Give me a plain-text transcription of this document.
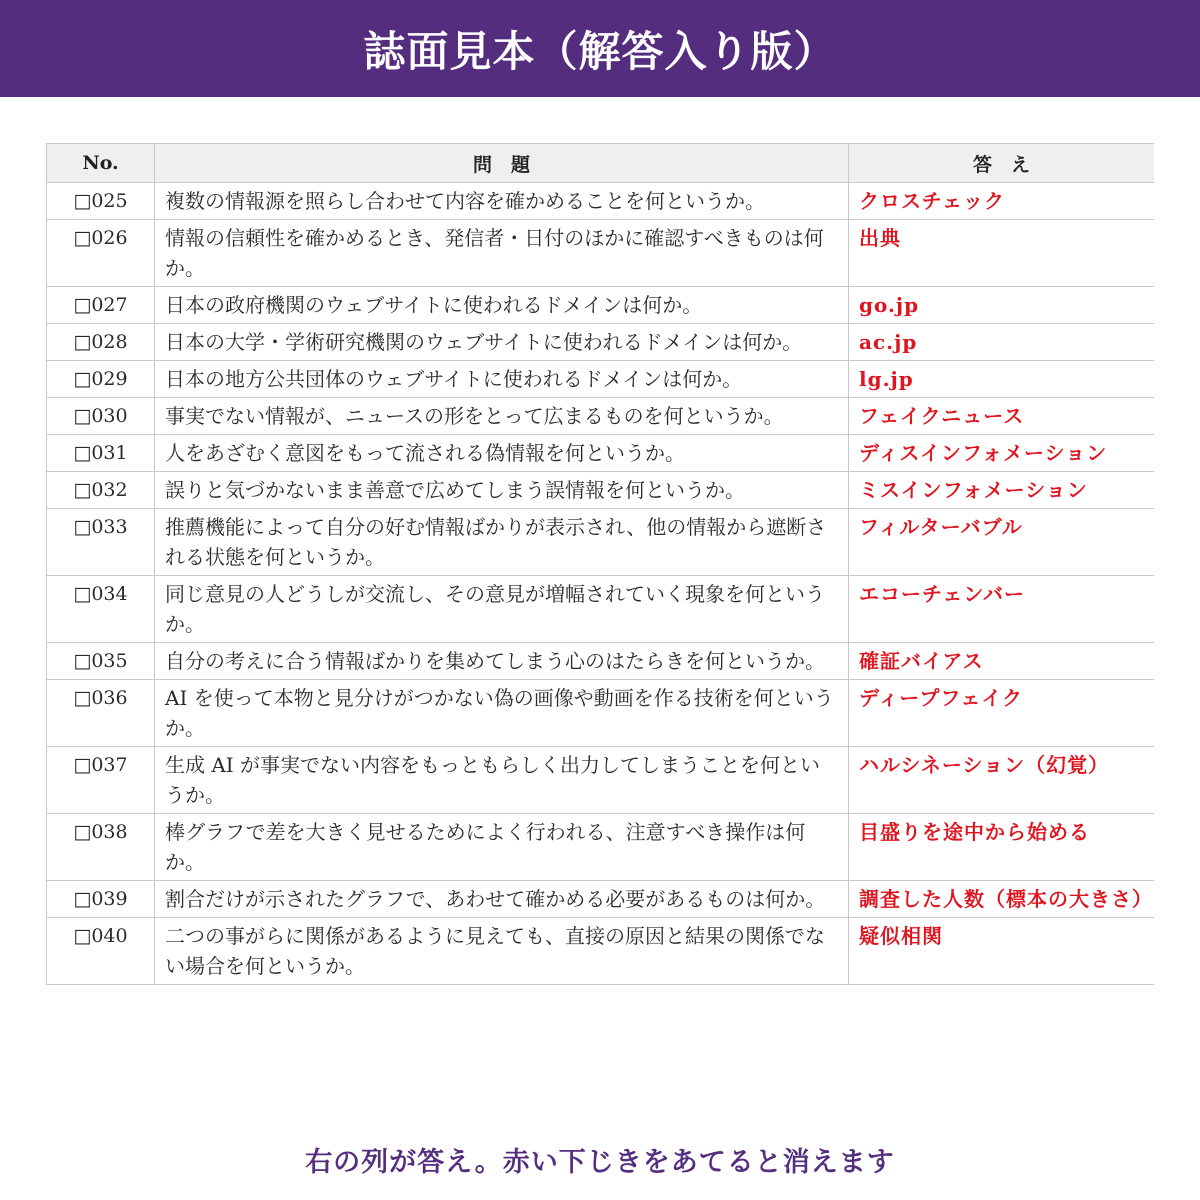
誌面見本（解答入り版）
No.	問　題	答　え
□025	複数の情報源を照らし合わせて内容を確かめることを何というか。	クロスチェック
□026	情報の信頼性を確かめるとき、発信者・日付のほかに確認すべきものは何か。	出典
□027	日本の政府機関のウェブサイトに使われるドメインは何か。	go.jp
□028	日本の大学・学術研究機関のウェブサイトに使われるドメインは何か。	ac.jp
□029	日本の地方公共団体のウェブサイトに使われるドメインは何か。	lg.jp
□030	事実でない情報が、ニュースの形をとって広まるものを何というか。	フェイクニュース
□031	人をあざむく意図をもって流される偽情報を何というか。	ディスインフォメーション
□032	誤りと気づかないまま善意で広めてしまう誤情報を何というか。	ミスインフォメーション
□033	推薦機能によって自分の好む情報ばかりが表示され、他の情報から遮断される状態を何というか。	フィルターバブル
□034	同じ意見の人どうしが交流し、その意見が増幅されていく現象を何というか。	エコーチェンバー
□035	自分の考えに合う情報ばかりを集めてしまう心のはたらきを何というか。	確証バイアス
□036	AI を使って本物と見分けがつかない偽の画像や動画を作る技術を何というか。	ディープフェイク
□037	生成 AI が事実でない内容をもっともらしく出力してしまうことを何というか。	ハルシネーション（幻覚）
□038	棒グラフで差を大きく見せるためによく行われる、注意すべき操作は何か。	目盛りを途中から始める
□039	割合だけが示されたグラフで、あわせて確かめる必要があるものは何か。	調査した人数（標本の大きさ）
□040	二つの事がらに関係があるように見えても、直接の原因と結果の関係でない場合を何というか。	疑似相関
右の列が答え。赤い下じきをあてると消えます
